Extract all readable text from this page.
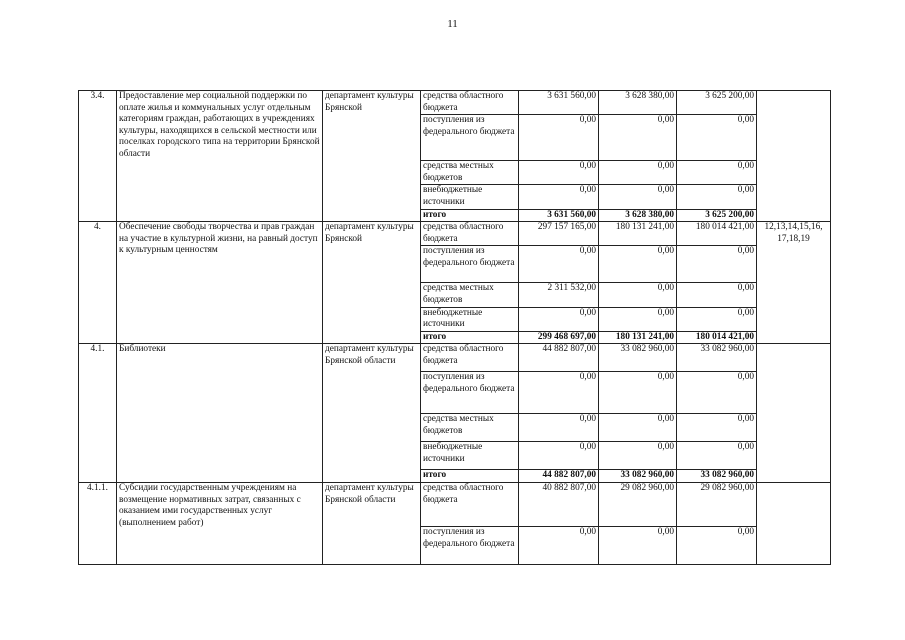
11
3.4.	Предоставление мер социальной поддержки по оплате жилья и коммунальных услуг отдельным категориям граждан, работающих в учреждениях культуры, находящихся в сельской местности или поселках городского типа на территории Брянской области	департамент культуры Брянской	средства областного бюджета	3 631 560,00	3 628 380,00	3 625 200,00	
			поступления из федерального бюджета	0,00	0,00	0,00	
			средства местных бюджетов	0,00	0,00	0,00	
			внебюджетные источники	0,00	0,00	0,00	
			итого	3 631 560,00	3 628 380,00	3 625 200,00	
4.	Обеспечение свободы творчества и прав граждан на участие в культурной жизни, на равный доступ к культурным ценностям	департамент культуры Брянской	средства областного бюджета	297 157 165,00	180 131 241,00	180 014 421,00	12,13,14,15,16, 17,18,19
			поступления из федерального бюджета	0,00	0,00	0,00	
			средства местных бюджетов	2 311 532,00	0,00	0,00	
			внебюджетные источники	0,00	0,00	0,00	
			итого	299 468 697,00	180 131 241,00	180 014 421,00	
4.1.	Библиотеки	департамент культуры Брянской области	средства областного бюджета	44 882 807,00	33 082 960,00	33 082 960,00	
			поступления из федерального бюджета	0,00	0,00	0,00	
			средства местных бюджетов	0,00	0,00	0,00	
			внебюджетные источники	0,00	0,00	0,00	
			итого	44 882 807,00	33 082 960,00	33 082 960,00	
4.1.1.	Субсидии государственным учреждениям на возмещение нормативных затрат, связанных с оказанием ими государственных услуг (выполнением работ)	департамент культуры Брянской области	средства областного бюджета	40 882 807,00	29 082 960,00	29 082 960,00	
			поступления из федерального бюджета	0,00	0,00	0,00	
